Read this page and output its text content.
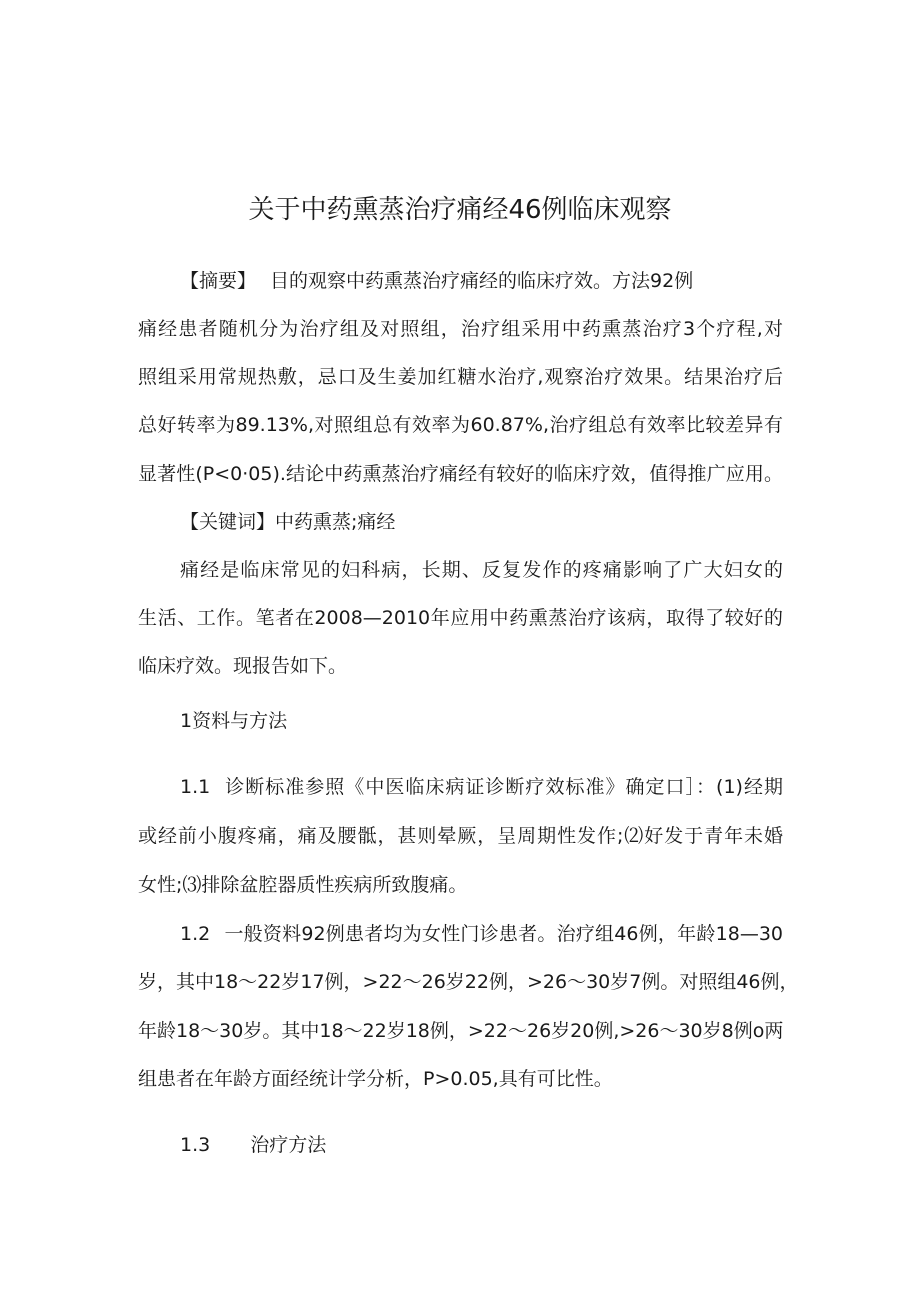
关于中药熏蒸治疗痛经46例临床观察
【摘要】 目的观察中药熏蒸治疗痛经的临床疗效。方法92例
痛经患者随机分为治疗组及对照组，治疗组采用中药熏蒸治疗3个疗程,对
照组采用常规热敷，忌口及生姜加红糖水治疗,观察治疗效果。结果治疗后
总好转率为89.13%,对照组总有效率为60.87%,治疗组总有效率比较差异有
显著性(P<0·05).结论中药熏蒸治疗痛经有较好的临床疗效，值得推广应用。
【关键词】中药熏蒸;痛经
痛经是临床常见的妇科病，长期、反复发作的疼痛影响了广大妇女的
生活、工作。笔者在2008—2010年应用中药熏蒸治疗该病，取得了较好的
临床疗效。现报告如下。
1资料与方法
1.1 诊断标准参照《中医临床病证诊断疗效标准》确定口］：(1)经期
或经前小腹疼痛，痛及腰骶，甚则晕厥，呈周期性发作;⑵好发于青年未婚
女性;⑶排除盆腔器质性疾病所致腹痛。
1.2 一般资料92例患者均为女性门诊患者。治疗组46例，年龄18—30
岁，其中18～22岁17例，>22～26岁22例，>26～30岁7例。对照组46例，
年龄18～30岁。其中18～22岁18例，>22～26岁20例,>26～30岁8例o两
组患者在年龄方面经统计学分析，P>0.05,具有可比性。
1.3 治疗方法
